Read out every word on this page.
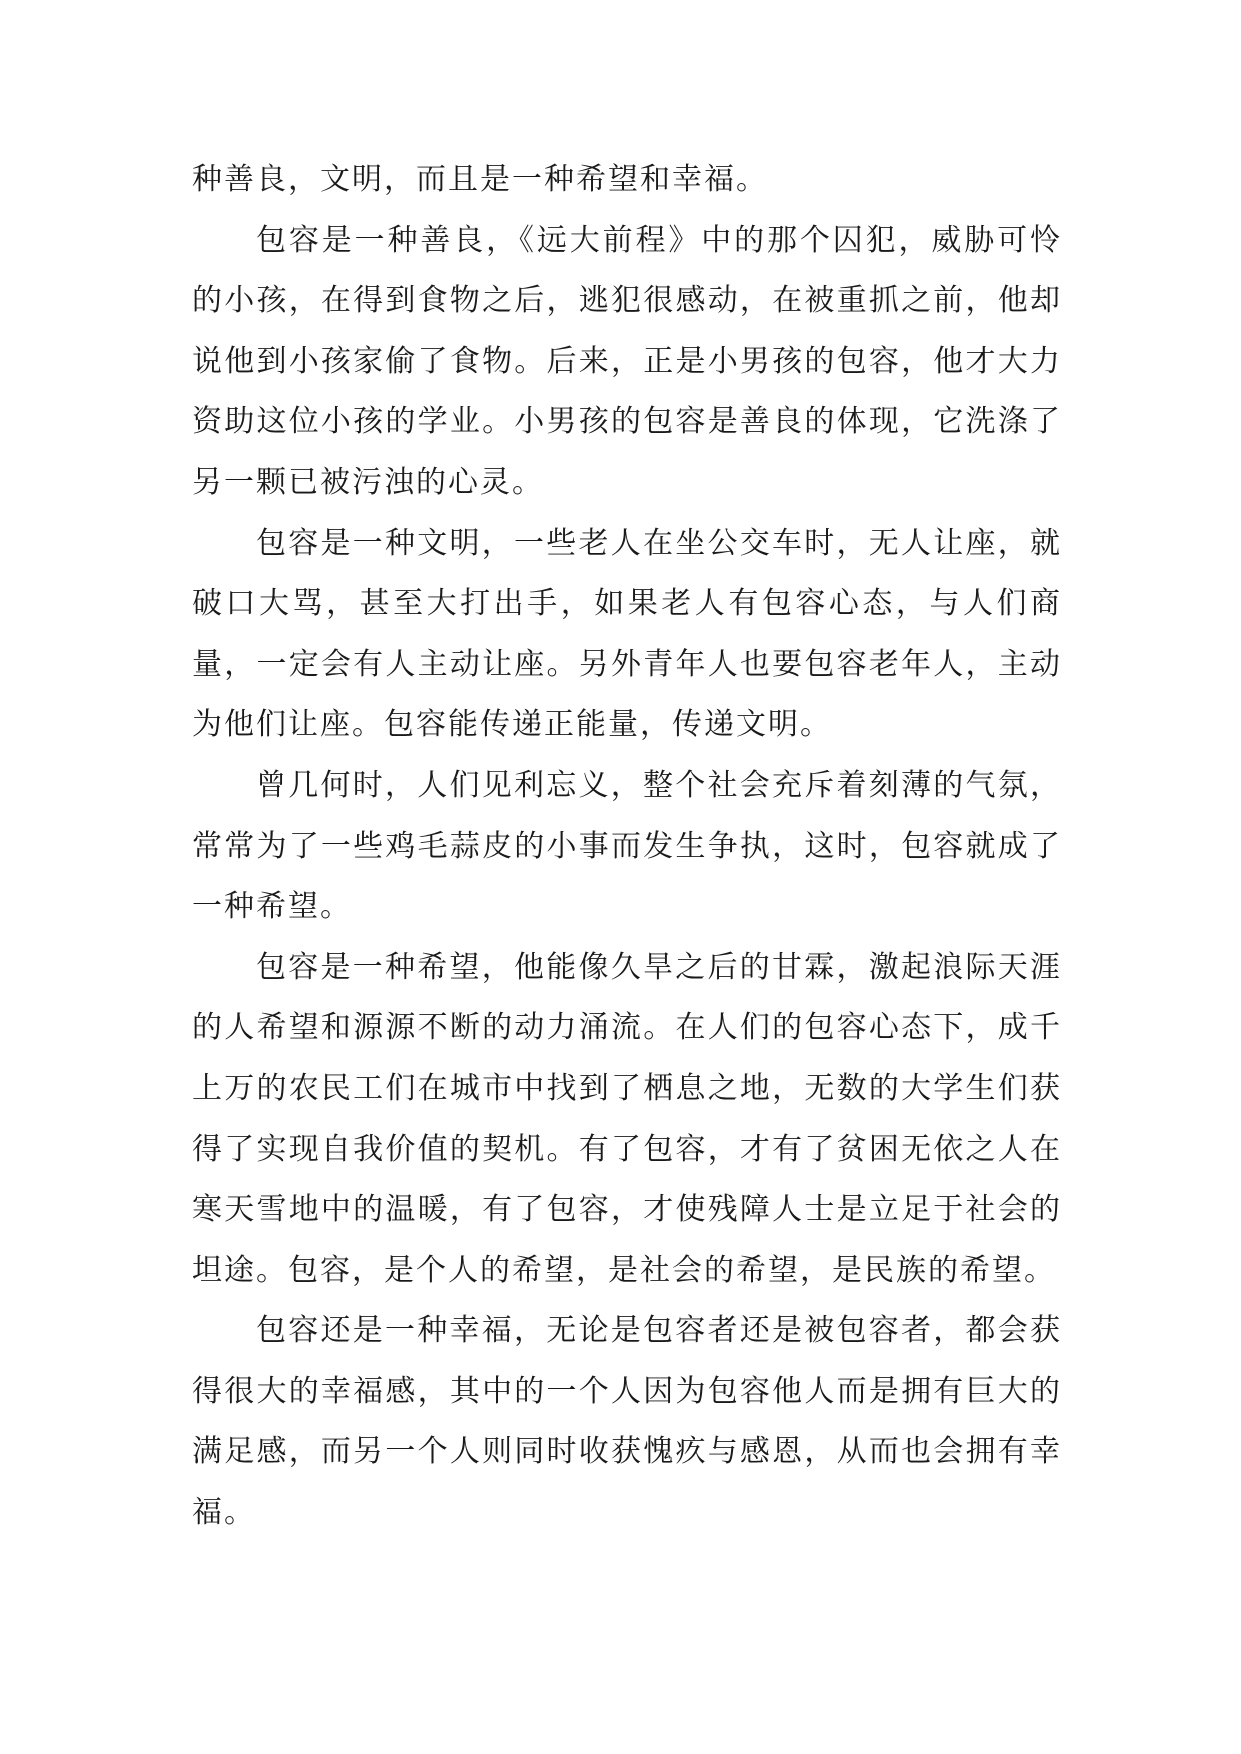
种善良，文明，而且是一种希望和幸福。

包容是一种善良，《远大前程》中的那个囚犯，威胁可怜的小孩，在得到食物之后，逃犯很感动，在被重抓之前，他却说他到小孩家偷了食物。后来，正是小男孩的包容，他才大力资助这位小孩的学业。小男孩的包容是善良的体现，它洗涤了另一颗已被污浊的心灵。

包容是一种文明，一些老人在坐公交车时，无人让座，就破口大骂，甚至大打出手，如果老人有包容心态，与人们商量，一定会有人主动让座。另外青年人也要包容老年人，主动为他们让座。包容能传递正能量，传递文明。

曾几何时，人们见利忘义，整个社会充斥着刻薄的气氛，常常为了一些鸡毛蒜皮的小事而发生争执，这时，包容就成了一种希望。

包容是一种希望，他能像久旱之后的甘霖，激起浪际天涯的人希望和源源不断的动力涌流。在人们的包容心态下，成千上万的农民工们在城市中找到了栖息之地，无数的大学生们获得了实现自我价值的契机。有了包容，才有了贫困无依之人在寒天雪地中的温暖，有了包容，才使残障人士是立足于社会的坦途。包容，是个人的希望，是社会的希望，是民族的希望。

包容还是一种幸福，无论是包容者还是被包容者，都会获得很大的幸福感，其中的一个人因为包容他人而是拥有巨大的满足感，而另一个人则同时收获愧疚与感恩，从而也会拥有幸福。
